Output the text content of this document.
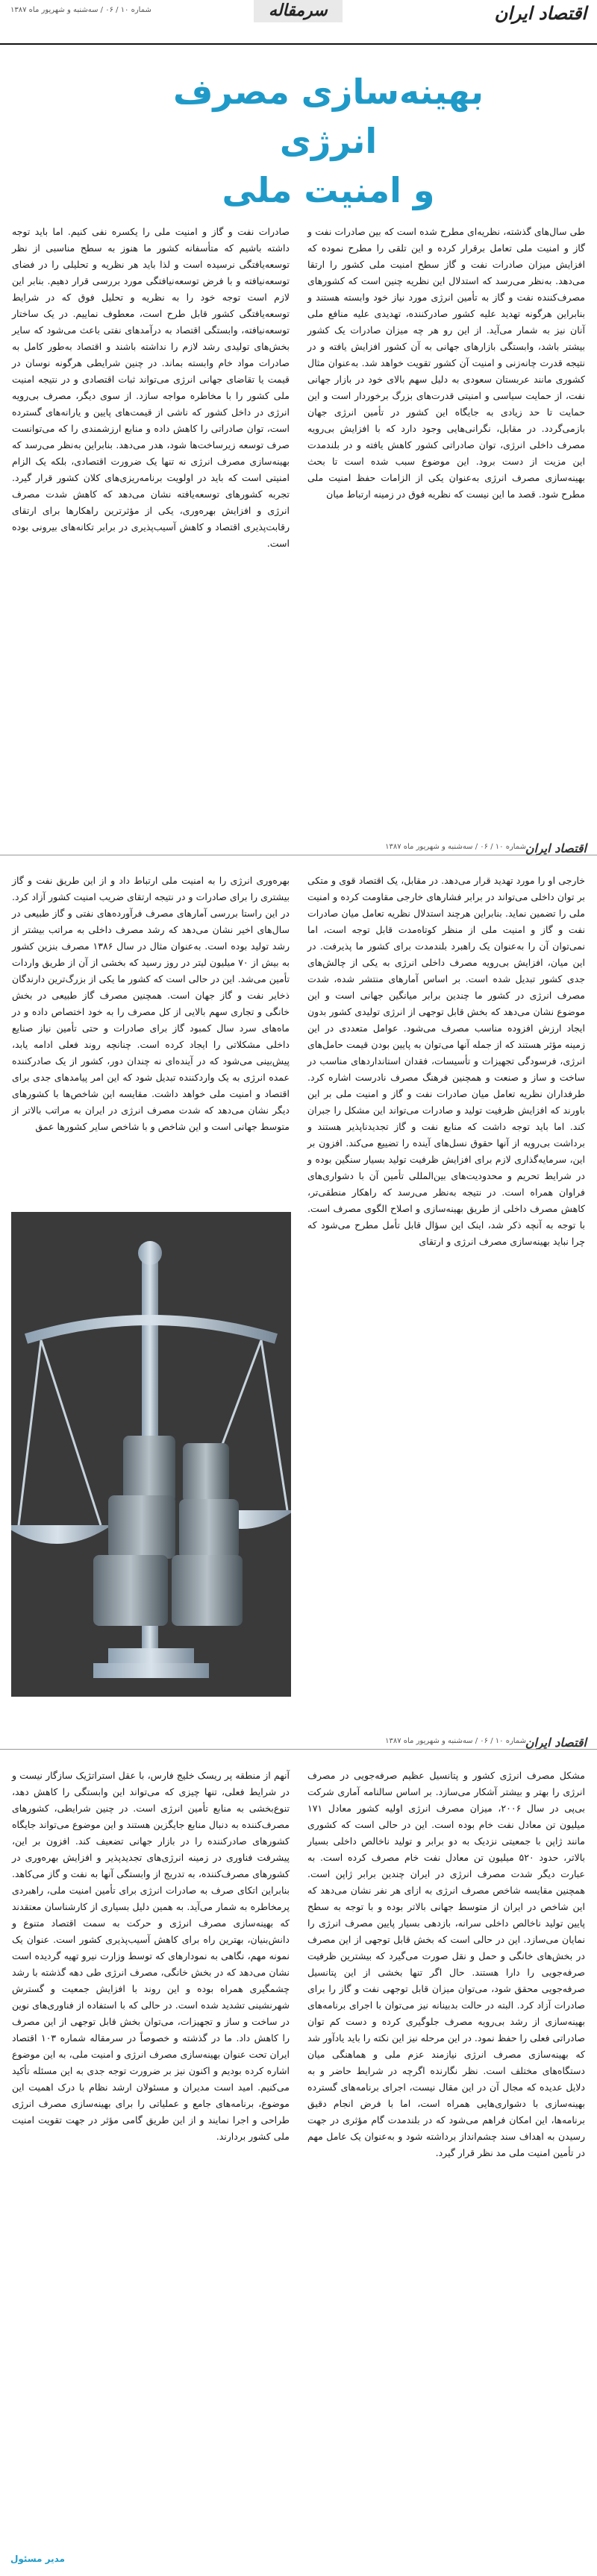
اقتصاد ایران
سرمقاله
شماره ۱۰ / ۰۶ / سه‌شنبه و شهریور ماه ۱۳۸۷
بهینه‌سازی مصرف انرژی
و امنیت ملی
طی سال‌های گذشته، نظریه‌ای مطرح شده است که بین صادرات نفت و گاز و امنیت ملی تعامل برقرار کرده و این تلقی را مطرح نموده که افزایش میزان صادرات نفت و گاز سطح امنیت ملی کشور را ارتقا می‌دهد. به‌نظر می‌رسد که استدلال این نظریه چنین است که کشورهای مصرف‌کننده نفت و گاز به تأمین انرژی مورد نیاز خود وابسته هستند و بنابراین هرگونه تهدید علیه کشور صادرکننده، تهدیدی علیه منافع ملی آنان نیز به شمار می‌آید. از این رو هر چه میزان صادرات یک کشور بیشتر باشد، وابستگی بازارهای جهانی به آن کشور افزایش یافته و در نتیجه قدرت چانه‌زنی و امنیت آن کشور تقویت خواهد شد. به‌عنوان مثال کشوری مانند عربستان سعودی به دلیل سهم بالای خود در بازار جهانی نفت، از حمایت سیاسی و امنیتی قدرت‌های بزرگ برخوردار است و این حمایت تا حد زیادی به جایگاه این کشور در تأمین انرژی جهان بازمی‌گردد. در مقابل، نگرانی‌هایی وجود دارد که با افزایش بی‌رویه مصرف داخلی انرژی، توان صادراتی کشور کاهش یافته و در بلندمدت این مزیت از دست برود. این موضوع سبب شده است تا بحث بهینه‌سازی مصرف انرژی به‌عنوان یکی از الزامات حفظ امنیت ملی مطرح شود. قصد ما این نیست که نظریه فوق در زمینه ارتباط میان
صادرات نفت و گاز و امنیت ملی را یکسره نفی کنیم. اما باید توجه داشته باشیم که متأسفانه کشور ما هنوز به سطح مناسبی از نظر توسعه‌یافتگی نرسیده است و لذا باید هر نظریه و تحلیلی را در فضای توسعه‌نیافته و با فرض توسعه‌نیافتگی مورد بررسی قرار دهیم. بنابر این لازم است توجه خود را به نظریه و تحلیل فوق که در شرایط توسعه‌یافتگی کشور قابل طرح است، معطوف نماییم. در یک ساختار توسعه‌نیافته، وابستگی اقتصاد به درآمدهای نفتی باعث می‌شود که سایر بخش‌های تولیدی رشد لازم را نداشته باشند و اقتصاد به‌طور کامل به صادرات مواد خام وابسته بماند. در چنین شرایطی هرگونه نوسان در قیمت یا تقاضای جهانی انرژی می‌تواند ثبات اقتصادی و در نتیجه امنیت ملی کشور را با مخاطره مواجه سازد. از سوی دیگر، مصرف بی‌رویه انرژی در داخل کشور که ناشی از قیمت‌های پایین و یارانه‌های گسترده است، توان صادراتی را کاهش داده و منابع ارزشمندی را که می‌توانست صرف توسعه زیرساخت‌ها شود، هدر می‌دهد. بنابراین به‌نظر می‌رسد که بهینه‌سازی مصرف انرژی نه تنها یک ضرورت اقتصادی، بلکه یک الزام امنیتی است که باید در اولویت برنامه‌ریزی‌های کلان کشور قرار گیرد. تجربه کشورهای توسعه‌یافته نشان می‌دهد که کاهش شدت مصرف انرژی و افزایش بهره‌وری، یکی از مؤثرترین راهکارها برای ارتقای رقابت‌پذیری اقتصاد و کاهش آسیب‌پذیری در برابر تکانه‌های بیرونی بوده است.
اقتصاد ایران
شماره ۱۰ / ۰۶ / سه‌شنبه و شهریور ماه ۱۳۸۷
خارجی او را مورد تهدید قرار می‌دهد. در مقابل، یک اقتصاد قوی و متکی بر توان داخلی می‌تواند در برابر فشارهای خارجی مقاومت کرده و امنیت ملی را تضمین نماید. بنابراین هرچند استدلال نظریه تعامل میان صادرات نفت و گاز و امنیت ملی از منظر کوتاه‌مدت قابل توجه است، اما نمی‌توان آن را به‌عنوان یک راهبرد بلندمدت برای کشور ما پذیرفت. در این میان، افزایش بی‌رویه مصرف داخلی انرژی به یکی از چالش‌های جدی کشور تبدیل شده است. بر اساس آمارهای منتشر شده، شدت مصرف انرژی در کشور ما چندین برابر میانگین جهانی است و این موضوع نشان می‌دهد که بخش قابل توجهی از انرژی تولیدی کشور بدون ایجاد ارزش افزوده مناسب مصرف می‌شود. عوامل متعددی در این زمینه مؤثر هستند که از جمله آنها می‌توان به پایین بودن قیمت حامل‌های انرژی، فرسودگی تجهیزات و تأسیسات، فقدان استانداردهای مناسب در ساخت و ساز و صنعت و همچنین فرهنگ مصرف نادرست اشاره کرد. طرفداران نظریه تعامل میان صادرات نفت و گاز و امنیت ملی بر این باورند که افزایش ظرفیت تولید و صادرات می‌تواند این مشکل را جبران کند. اما باید توجه داشت که منابع نفت و گاز تجدیدناپذیر هستند و برداشت بی‌رویه از آنها حقوق نسل‌های آینده را تضییع می‌کند. افزون بر این، سرمایه‌گذاری لازم برای افزایش ظرفیت تولید بسیار سنگین بوده و در شرایط تحریم و محدودیت‌های بین‌المللی تأمین آن با دشواری‌های فراوان همراه است. در نتیجه به‌نظر می‌رسد که راهکار منطقی‌تر، کاهش مصرف داخلی از طریق بهینه‌سازی و اصلاح الگوی مصرف است. با توجه به آنچه ذکر شد، اینک این سؤال قابل تأمل مطرح می‌شود که چرا نباید بهینه‌سازی مصرف انرژی و ارتقای
بهره‌وری انرژی را به امنیت ملی ارتباط داد و از این طریق نفت و گاز بیشتری را برای صادرات و در نتیجه ارتقای ضریب امنیت کشور آزاد کرد. در این راستا بررسی آمارهای مصرف فرآورده‌های نفتی و گاز طبیعی در سال‌های اخیر نشان می‌دهد که رشد مصرف داخلی به مراتب بیشتر از رشد تولید بوده است. به‌عنوان مثال در سال ۱۳۸۶ مصرف بنزین کشور به بیش از ۷۰ میلیون لیتر در روز رسید که بخشی از آن از طریق واردات تأمین می‌شد. این در حالی است که کشور ما یکی از بزرگ‌ترین دارندگان ذخایر نفت و گاز جهان است. همچنین مصرف گاز طبیعی در بخش خانگی و تجاری سهم بالایی از کل مصرف را به خود اختصاص داده و در ماه‌های سرد سال کمبود گاز برای صادرات و حتی تأمین نیاز صنایع داخلی مشکلاتی را ایجاد کرده است. چنانچه روند فعلی ادامه یابد، پیش‌بینی می‌شود که در آینده‌ای نه چندان دور، کشور از یک صادرکننده عمده انرژی به یک واردکننده تبدیل شود که این امر پیامدهای جدی برای اقتصاد و امنیت ملی خواهد داشت. مقایسه این شاخص‌ها با کشورهای دیگر نشان می‌دهد که شدت مصرف انرژی در ایران به مراتب بالاتر از متوسط جهانی است و این شاخص و با شاخص سایر کشورها عمق
اقتصاد ایران
شماره ۱۰ / ۰۶ / سه‌شنبه و شهریور ماه ۱۳۸۷
مشکل مصرف انرژی کشور و پتانسیل عظیم صرفه‌جویی در مصرف انرژی را بهتر و بیشتر آشکار می‌سازد. بر اساس سالنامه آماری شرکت بی‌پی در سال ۲۰۰۶، میزان مصرف انرژی اولیه کشور معادل ۱۷۱ میلیون تن معادل نفت خام بوده است. این در حالی است که کشوری مانند ژاپن با جمعیتی نزدیک به دو برابر و تولید ناخالص داخلی بسیار بالاتر، حدود ۵۲۰ میلیون تن معادل نفت خام مصرف کرده است. به عبارت دیگر شدت مصرف انرژی در ایران چندین برابر ژاپن است. همچنین مقایسه شاخص مصرف انرژی به ازای هر نفر نشان می‌دهد که این شاخص در ایران از متوسط جهانی بالاتر بوده و با توجه به سطح پایین تولید ناخالص داخلی سرانه، بازدهی بسیار پایین مصرف انرژی را نمایان می‌سازد. این در حالی است که بخش قابل توجهی از این مصرف در بخش‌های خانگی و حمل و نقل صورت می‌گیرد که بیشترین ظرفیت صرفه‌جویی را دارا هستند. حال اگر تنها بخشی از این پتانسیل صرفه‌جویی محقق شود، می‌توان میزان قابل توجهی نفت و گاز را برای صادرات آزاد کرد. البته در حالت بدبینانه نیز می‌توان با اجرای برنامه‌های بهینه‌سازی از رشد بی‌رویه مصرف جلوگیری کرده و دست کم توان صادراتی فعلی را حفظ نمود. در این مرحله نیز این نکته را باید یادآور شد که بهینه‌سازی مصرف انرژی نیازمند عزم ملی و هماهنگی میان دستگاه‌های مختلف است. نظر نگارنده اگرچه در شرایط حاضر و به دلایل عدیده که مجال آن در این مقال نیست، اجرای برنامه‌های گسترده بهینه‌سازی با دشواری‌هایی همراه است، اما با فرض انجام دقیق برنامه‌ها، این امکان فراهم می‌شود که در بلندمدت گام مؤثری در جهت رسیدن به اهداف سند چشم‌انداز برداشته شود و به‌عنوان یک عامل مهم در تأمین امنیت ملی مد نظر قرار گیرد.
آنهم از منطقه پر ریسک خلیج فارس، با عقل استراتژیک سازگار نیست و در شرایط فعلی، تنها چیزی که می‌تواند این وابستگی را کاهش دهد، تنوع‌بخشی به منابع تأمین انرژی است. در چنین شرایطی، کشورهای مصرف‌کننده به دنبال منابع جایگزین هستند و این موضوع می‌تواند جایگاه کشورهای صادرکننده را در بازار جهانی تضعیف کند. افزون بر این، پیشرفت فناوری در زمینه انرژی‌های تجدیدپذیر و افزایش بهره‌وری در کشورهای مصرف‌کننده، به تدریج از وابستگی آنها به نفت و گاز می‌کاهد. بنابراین اتکای صرف به صادرات انرژی برای تأمین امنیت ملی، راهبردی پرمخاطره به شمار می‌آید. به همین دلیل بسیاری از کارشناسان معتقدند که بهینه‌سازی مصرف انرژی و حرکت به سمت اقتصاد متنوع و دانش‌بنیان، بهترین راه برای کاهش آسیب‌پذیری کشور است. عنوان یک نمونه مهم، نگاهی به نمودارهای که توسط وزارت نیرو تهیه گردیده است نشان می‌دهد که در بخش خانگی، مصرف انرژی طی دهه گذشته با رشد چشمگیری همراه بوده و این روند با افزایش جمعیت و گسترش شهرنشینی تشدید شده است. در حالی که با استفاده از فناوری‌های نوین در ساخت و ساز و تجهیزات، می‌توان بخش قابل توجهی از این مصرف را کاهش داد. ما در گذشته و خصوصاً در سرمقاله شماره ۱۰۳ اقتصاد ایران تحت عنوان بهینه‌سازی مصرف انرژی و امنیت ملی، به این موضوع اشاره کرده بودیم و اکنون نیز بر ضرورت توجه جدی به این مسئله تأکید می‌کنیم. امید است مدیران و مسئولان ارشد نظام با درک اهمیت این موضوع، برنامه‌های جامع و عملیاتی را برای بهینه‌سازی مصرف انرژی طراحی و اجرا نمایند و از این طریق گامی مؤثر در جهت تقویت امنیت ملی کشور بردارند.
مدیر مسئول
